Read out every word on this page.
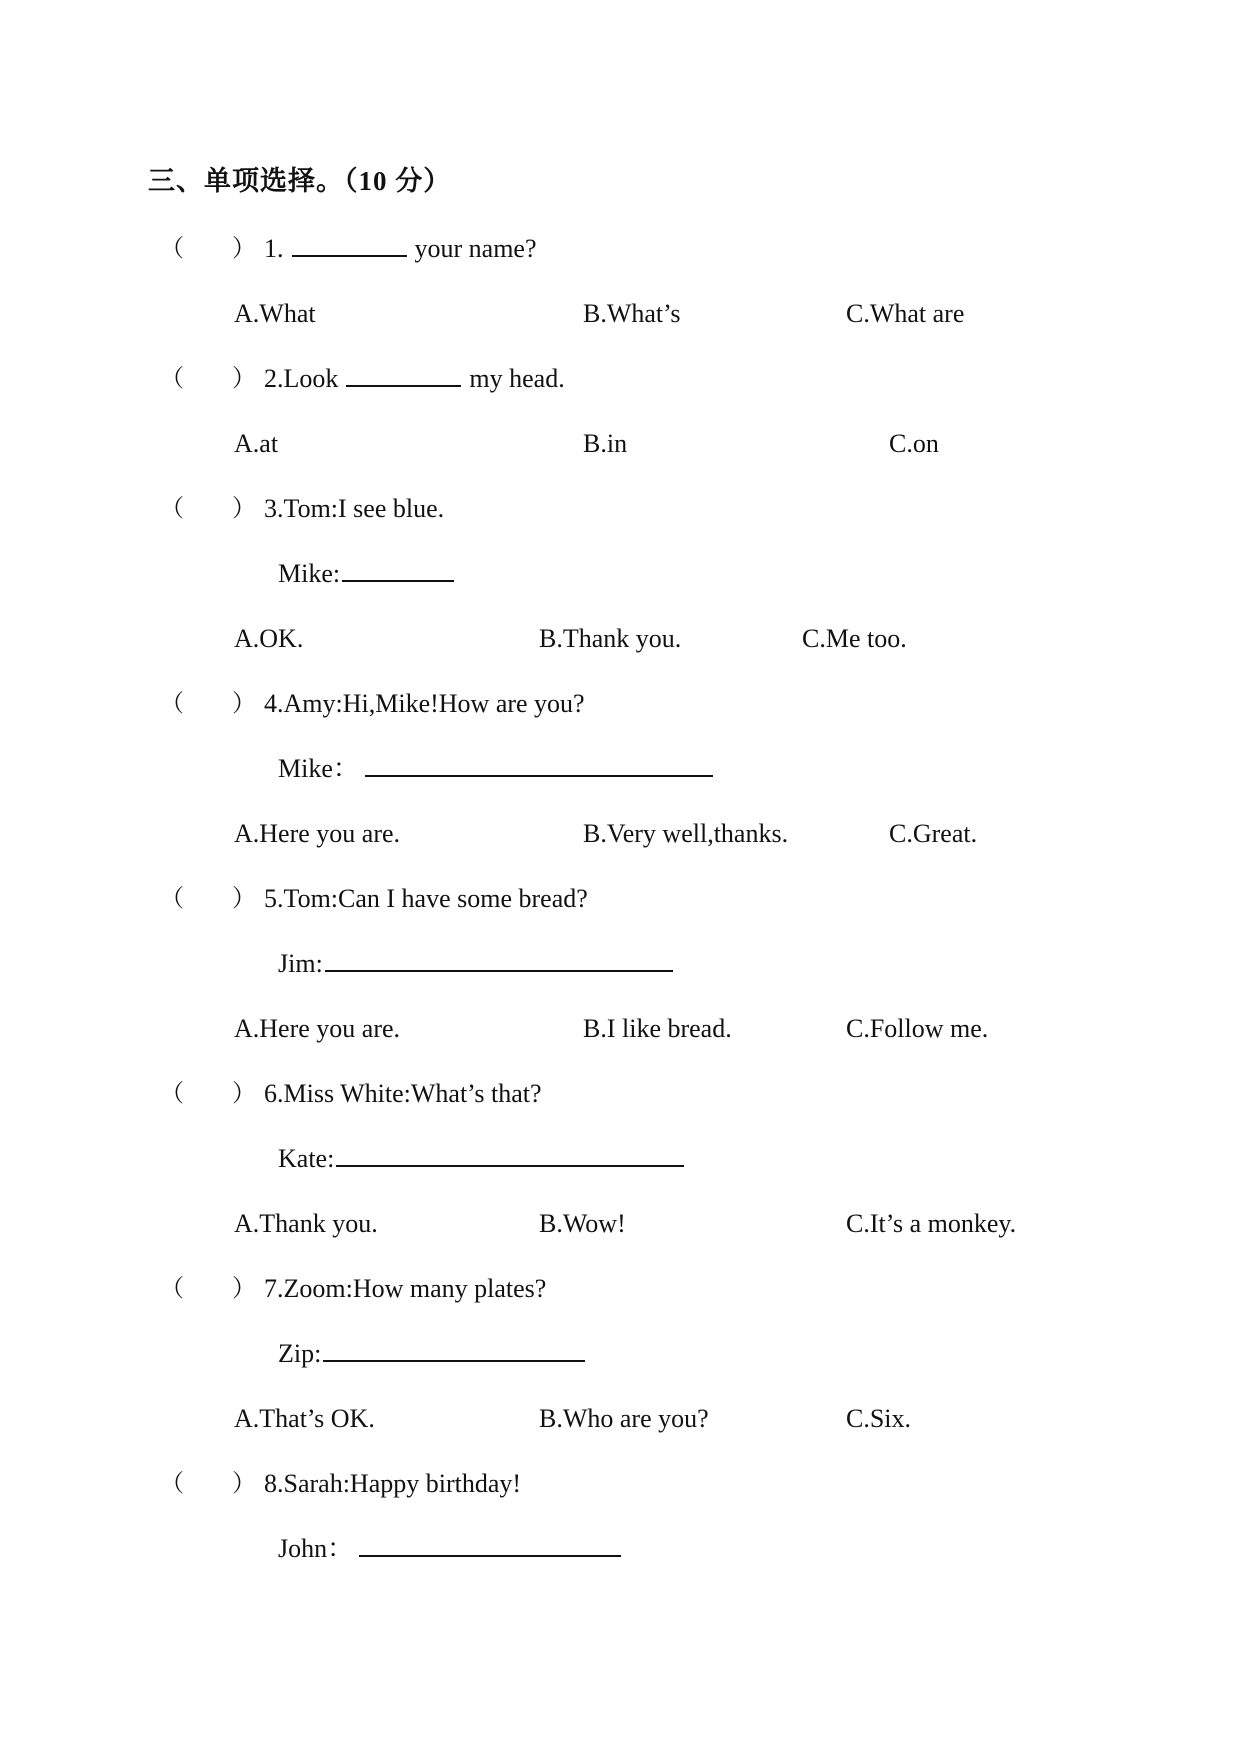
三、单项选择。（10 分）
（ ） 1.	your name?
A.What	B.What’s	C.What are
（ ） 2.Look	my head.
A.at	B.in	C.on
（ ） 3.Tom:I see blue.
Mike:
A.OK.	B.Thank you.	C.Me too.
（ ） 4.Amy:Hi,Mike!How are you?
Mike：
A.Here you are.	B.Very well,thanks.	C.Great.
（ ） 5.Tom:Can I have some bread?
Jim:
A.Here you are.	B.I like bread.	C.Follow me.
（ ） 6.Miss White:What’s that?
Kate:
A.Thank you.	B.Wow!	C.It’s a monkey.
（ ） 7.Zoom:How many plates?
Zip:
A.That’s OK.	B.Who are you?	C.Six.
（ ） 8.Sarah:Happy birthday!
John：
